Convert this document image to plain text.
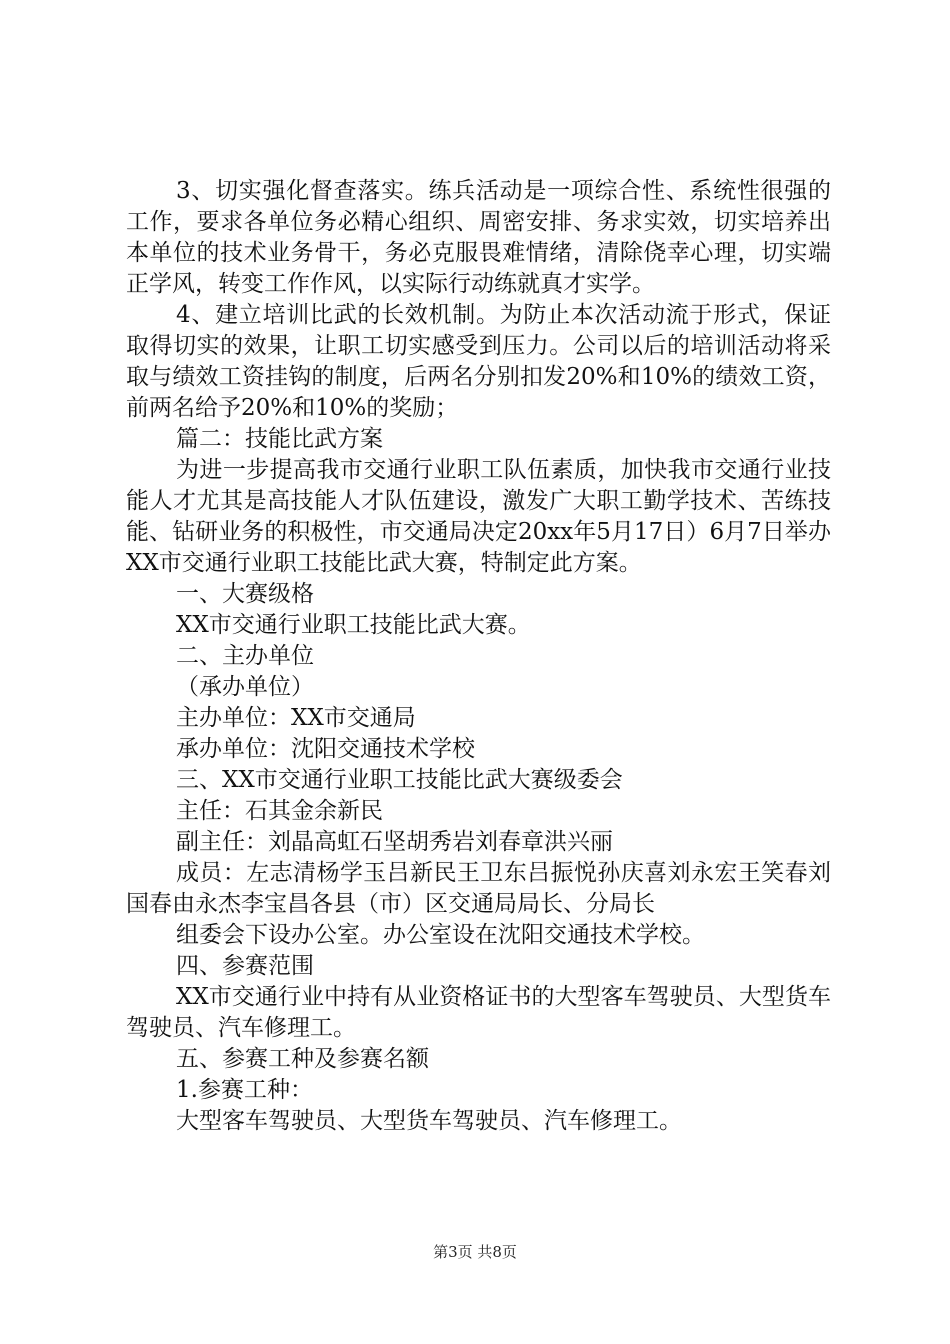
3、切实强化督查落实。练兵活动是一项综合性、系统性很强的工作，要求各单位务必精心组织、周密安排、务求实效，切实培养出本单位的技术业务骨干，务必克服畏难情绪，清除侥幸心理，切实端正学风，转变工作作风，以实际行动练就真才实学。

4、建立培训比武的长效机制。为防止本次活动流于形式，保证取得切实的效果，让职工切实感受到压力。公司以后的培训活动将采取与绩效工资挂钩的制度，后两名分别扣发20%和10%的绩效工资，前两名给予20%和10%的奖励；

篇二：技能比武方案

为进一步提高我市交通行业职工队伍素质，加快我市交通行业技能人才尤其是高技能人才队伍建设，激发广大职工勤学技术、苦练技能、钻研业务的积极性，市交通局决定20xx年5月17日）6月7日举办XX市交通行业职工技能比武大赛，特制定此方案。

一、大赛级格

XX市交通行业职工技能比武大赛。

二、主办单位

（承办单位）

主办单位：XX市交通局

承办单位：沈阳交通技术学校

三、XX市交通行业职工技能比武大赛级委会

主任：石其金余新民

副主任：刘晶高虹石坚胡秀岩刘春章洪兴丽

成员：左志清杨学玉吕新民王卫东吕振悦孙庆喜刘永宏王笑春刘国春由永杰李宝昌各县（市）区交通局局长、分局长

组委会下设办公室。办公室设在沈阳交通技术学校。

四、参赛范围

XX市交通行业中持有从业资格证书的大型客车驾驶员、大型货车驾驶员、汽车修理工。

五、参赛工种及参赛名额

1.参赛工种：

大型客车驾驶员、大型货车驾驶员、汽车修理工。

第3页 共8页
